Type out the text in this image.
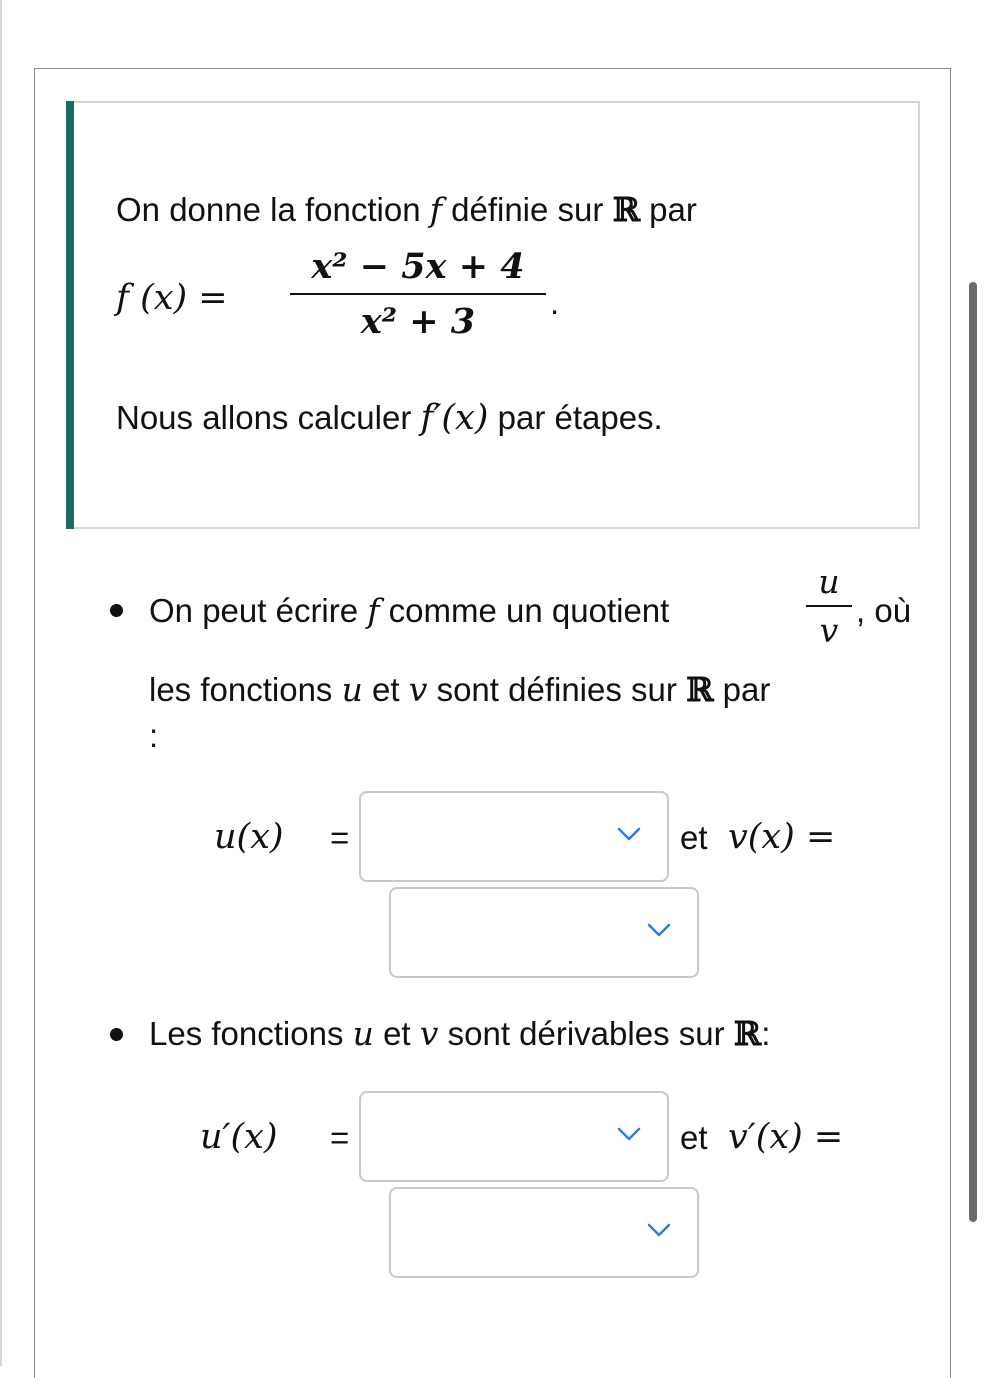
On donne la fonction f définie sur ℝ par
f (x) =
x² − 5x + 4
x² + 3	.
Nous allons calculer f′(x) par étapes.
On peut écrire f comme un quotient
u
v
, où
les fonctions u et v sont définies sur ℝ par
:
u(x) =	et v(x) =
Les fonctions u et v sont dérivables sur ℝ:
u′(x) =	et v′(x) =
